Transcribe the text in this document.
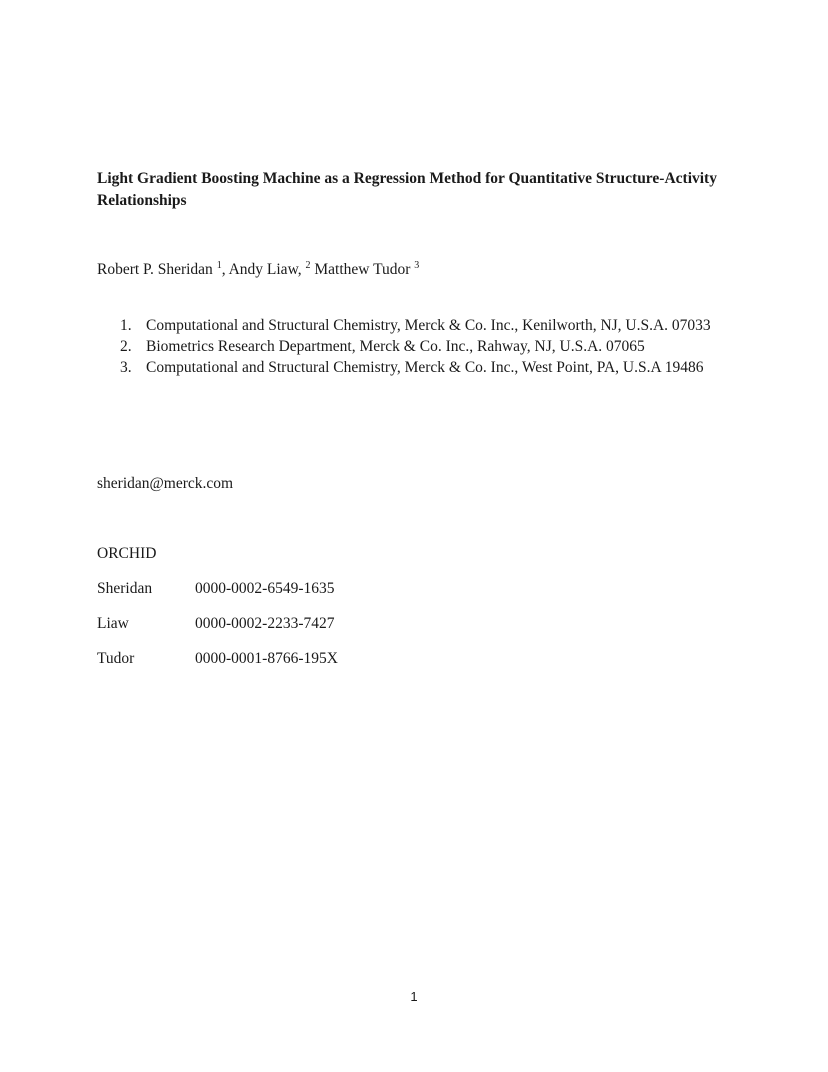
Light Gradient Boosting Machine as a Regression Method for Quantitative Structure-Activity Relationships
Robert P. Sheridan $^1$, Andy Liaw, $^2$ Matthew Tudor $^3$
1. Computational and Structural Chemistry, Merck & Co. Inc., Kenilworth, NJ, U.S.A. 07033
2. Biometrics Research Department, Merck & Co. Inc., Rahway, NJ, U.S.A. 07065
3. Computational and Structural Chemistry, Merck & Co. Inc., West Point, PA, U.S.A 19486
sheridan@merck.com
ORCHID
Sheridan	0000-0002-6549-1635
Liaw	0000-0002-2233-7427
Tudor	0000-0001-8766-195X
1
